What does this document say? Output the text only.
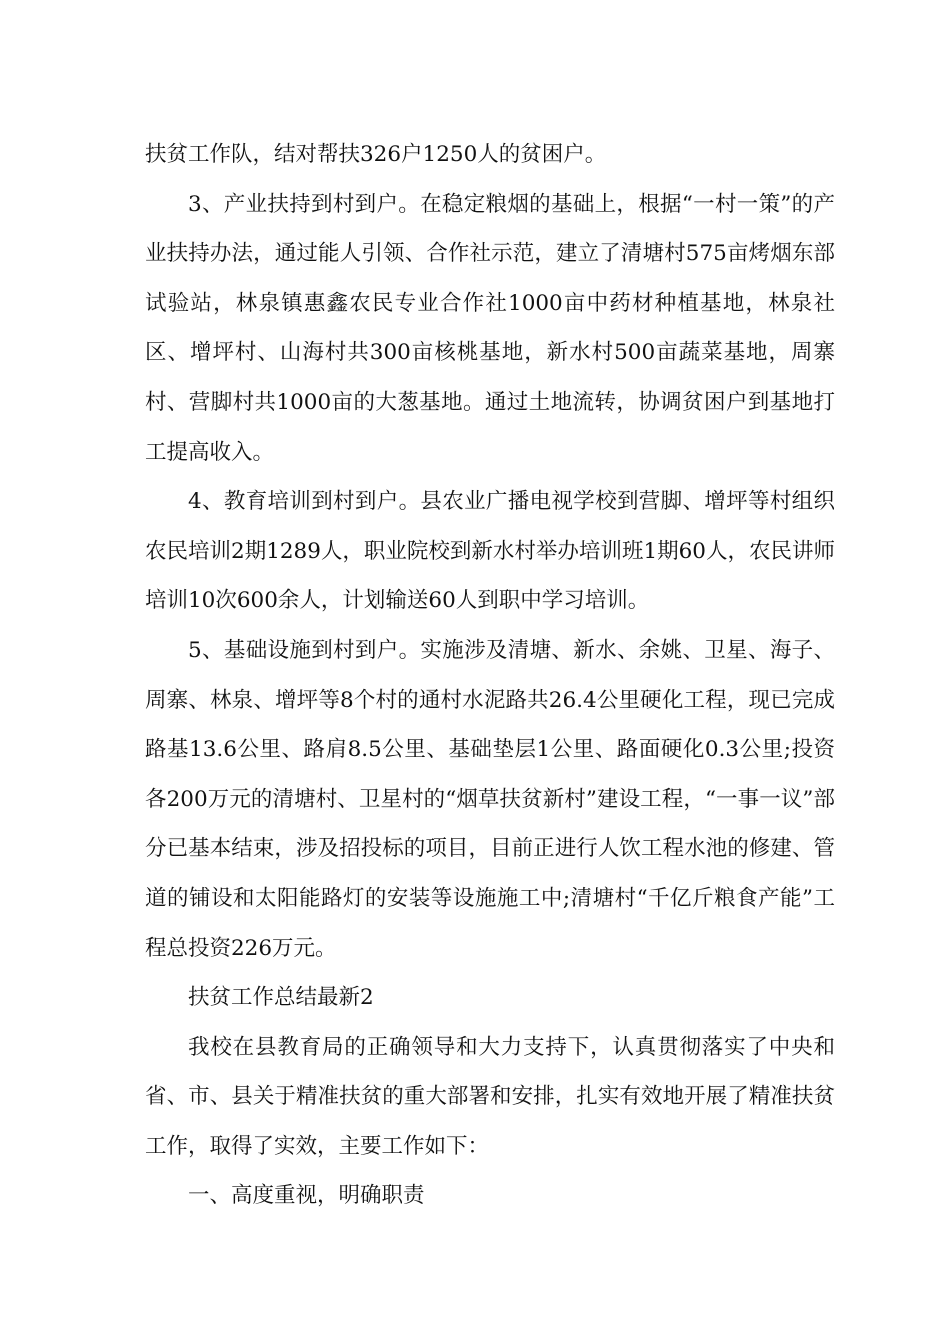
扶贫工作队，结对帮扶326户1250人的贫困户。

3、产业扶持到村到户。在稳定粮烟的基础上，根据“一村一策”的产业扶持办法，通过能人引领、合作社示范，建立了清塘村575亩烤烟东部试验站，林泉镇惠鑫农民专业合作社1000亩中药材种植基地，林泉社区、增坪村、山海村共300亩核桃基地，新水村500亩蔬菜基地，周寨村、营脚村共1000亩的大葱基地。通过土地流转，协调贫困户到基地打工提高收入。

4、教育培训到村到户。县农业广播电视学校到营脚、增坪等村组织农民培训2期1289人，职业院校到新水村举办培训班1期60人，农民讲师培训10次600余人，计划输送60人到职中学习培训。

5、基础设施到村到户。实施涉及清塘、新水、余姚、卫星、海子、周寨、林泉、增坪等8个村的通村水泥路共26.4公里硬化工程，现已完成路基13.6公里、路肩8.5公里、基础垫层1公里、路面硬化0.3公里;投资各200万元的清塘村、卫星村的“烟草扶贫新村”建设工程，“一事一议”部分已基本结束，涉及招投标的项目，目前正进行人饮工程水池的修建、管道的铺设和太阳能路灯的安装等设施施工中;清塘村“千亿斤粮食产能”工程总投资226万元。

扶贫工作总结最新2

我校在县教育局的正确领导和大力支持下，认真贯彻落实了中央和省、市、县关于精准扶贫的重大部署和安排，扎实有效地开展了精准扶贫工作，取得了实效，主要工作如下：

一、高度重视，明确职责
